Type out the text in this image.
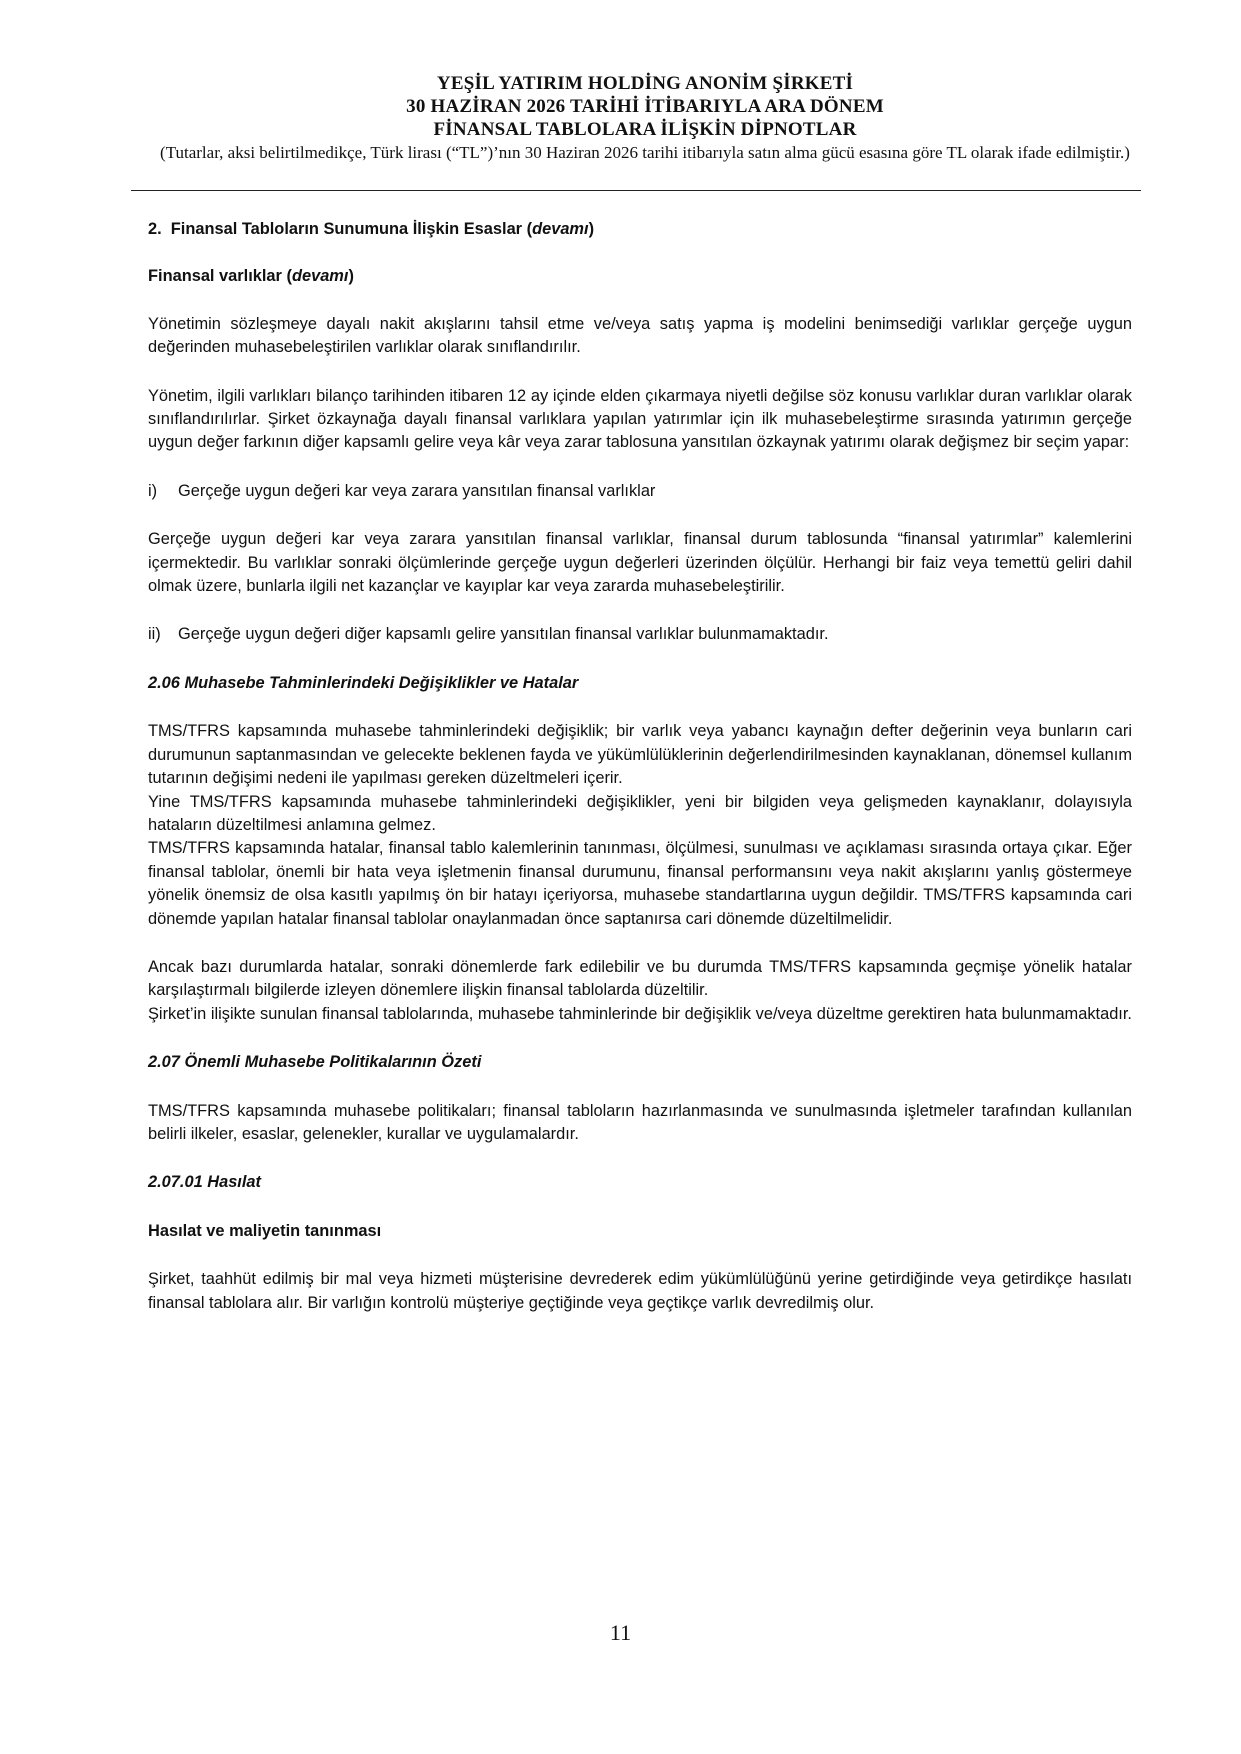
YEŞİL YATIRIM HOLDİNG ANONİM ŞİRKETİ
30 HAZİRAN 2026 TARİHİ İTİBARIYLA ARA DÖNEM
FİNANSAL TABLOLARA İLİŞKİN DİPNOTLAR
(Tutarlar, aksi belirtilmedikçe, Türk lirası (“TL”)’nın 30 Haziran 2026 tarihi itibarıyla satın alma gücü esasına göre TL olarak ifade edilmiştir.)

2. Finansal Tabloların Sunumuna İlişkin Esaslar (devamı)

Finansal varlıklar (devamı)

Yönetimin sözleşmeye dayalı nakit akışlarını tahsil etme ve/veya satış yapma iş modelini benimsediği varlıklar gerçeğe uygun değerinden muhasebeleştirilen varlıklar olarak sınıflandırılır.

Yönetim, ilgili varlıkları bilanço tarihinden itibaren 12 ay içinde elden çıkarmaya niyetli değilse söz konusu varlıklar duran varlıklar olarak sınıflandırılırlar. Şirket özkaynağa dayalı finansal varlıklara yapılan yatırımlar için ilk muhasebeleştirme sırasında yatırımın gerçeğe uygun değer farkının diğer kapsamlı gelire veya kâr veya zarar tablosuna yansıtılan özkaynak yatırımı olarak değişmez bir seçim yapar:

i)	Gerçeğe uygun değeri kar veya zarara yansıtılan finansal varlıklar

Gerçeğe uygun değeri kar veya zarara yansıtılan finansal varlıklar, finansal durum tablosunda “finansal yatırımlar” kalemlerini içermektedir. Bu varlıklar sonraki ölçümlerinde gerçeğe uygun değerleri üzerinden ölçülür. Herhangi bir faiz veya temettü geliri dahil olmak üzere, bunlarla ilgili net kazançlar ve kayıplar kar veya zararda muhasebeleştirilir.

ii)	Gerçeğe uygun değeri diğer kapsamlı gelire yansıtılan finansal varlıklar bulunmamaktadır.

2.06 Muhasebe Tahminlerindeki Değişiklikler ve Hatalar

TMS/TFRS kapsamında muhasebe tahminlerindeki değişiklik; bir varlık veya yabancı kaynağın defter değerinin veya bunların cari durumunun saptanmasından ve gelecekte beklenen fayda ve yükümlülüklerinin değerlendirilmesinden kaynaklanan, dönemsel kullanım tutarının değişimi nedeni ile yapılması gereken düzeltmeleri içerir.

Yine TMS/TFRS kapsamında muhasebe tahminlerindeki değişiklikler, yeni bir bilgiden veya gelişmeden kaynaklanır, dolayısıyla hataların düzeltilmesi anlamına gelmez.

TMS/TFRS kapsamında hatalar, finansal tablo kalemlerinin tanınması, ölçülmesi, sunulması ve açıklaması sırasında ortaya çıkar. Eğer finansal tablolar, önemli bir hata veya işletmenin finansal durumunu, finansal performansını veya nakit akışlarını yanlış göstermeye yönelik önemsiz de olsa kasıtlı yapılmış ön bir hatayı içeriyorsa, muhasebe standartlarına uygun değildir. TMS/TFRS kapsamında cari dönemde yapılan hatalar finansal tablolar onaylanmadan önce saptanırsa cari dönemde düzeltilmelidir.

Ancak bazı durumlarda hatalar, sonraki dönemlerde fark edilebilir ve bu durumda TMS/TFRS kapsamında geçmişe yönelik hatalar karşılaştırmalı bilgilerde izleyen dönemlere ilişkin finansal tablolarda düzeltilir.

Şirket’in ilişikte sunulan finansal tablolarında, muhasebe tahminlerinde bir değişiklik ve/veya düzeltme gerektiren hata bulunmamaktadır.

2.07 Önemli Muhasebe Politikalarının Özeti

TMS/TFRS kapsamında muhasebe politikaları; finansal tabloların hazırlanmasında ve sunulmasında işletmeler tarafından kullanılan belirli ilkeler, esaslar, gelenekler, kurallar ve uygulamalardır.

2.07.01 Hasılat

Hasılat ve maliyetin tanınması

Şirket, taahhüt edilmiş bir mal veya hizmeti müşterisine devrederek edim yükümlülüğünü yerine getirdiğinde veya getirdikçe hasılatı finansal tablolara alır. Bir varlığın kontrolü müşteriye geçtiğinde veya geçtikçe varlık devredilmiş olur.

11
